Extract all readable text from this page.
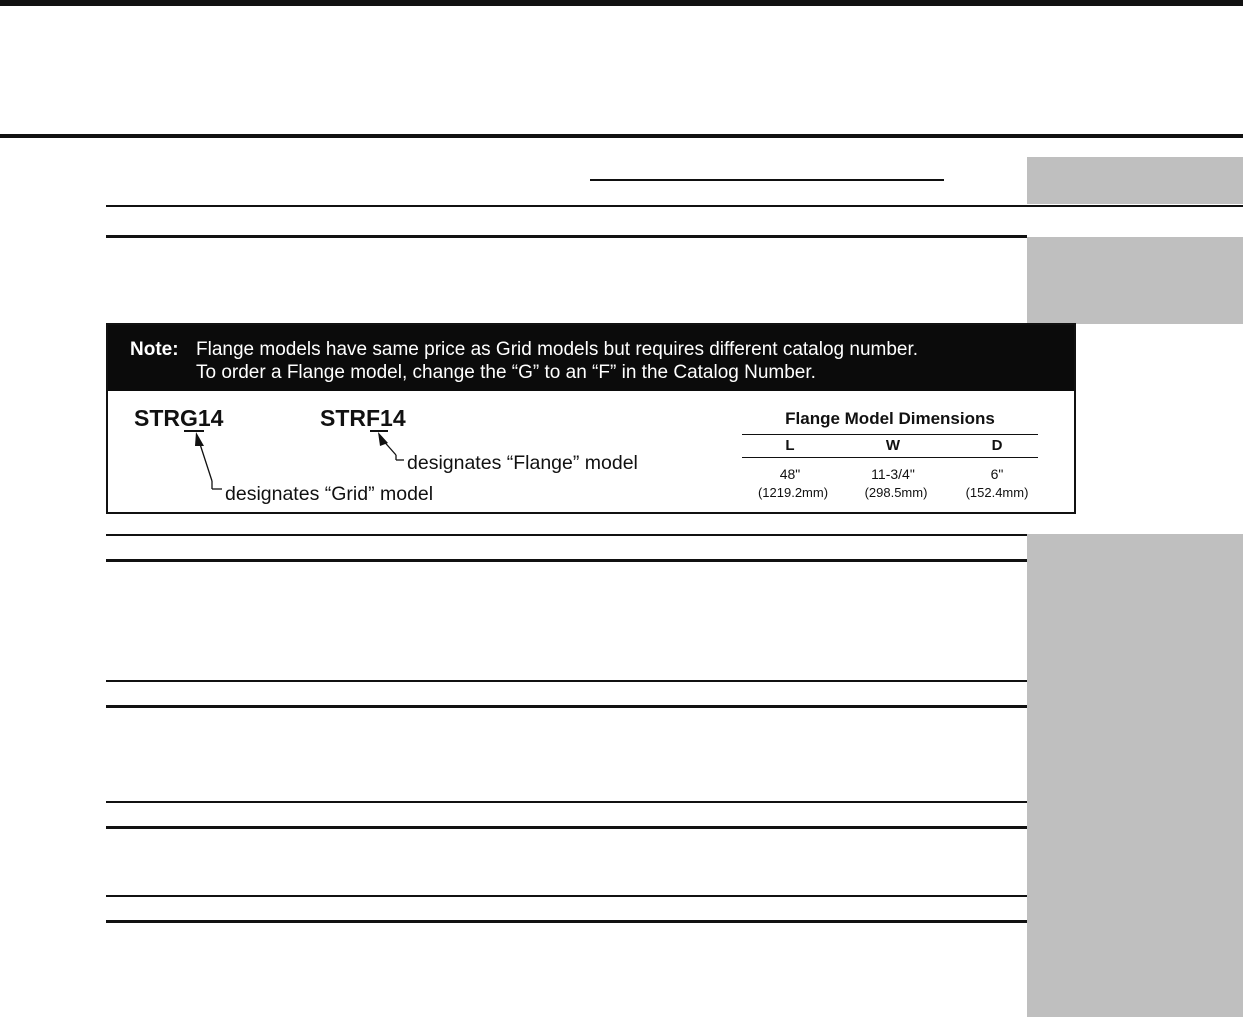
Note: Flange models have same price as Grid models but requires different catalog number.
To order a Flange model, change the “G” to an “F” in the Catalog Number.
STRG14	STRF14
designates “Flange” model
designates “Grid” model
Flange Model Dimensions
L	W	D
48"	11-3/4"	6"
(1219.2mm)	(298.5mm)	(152.4mm)
